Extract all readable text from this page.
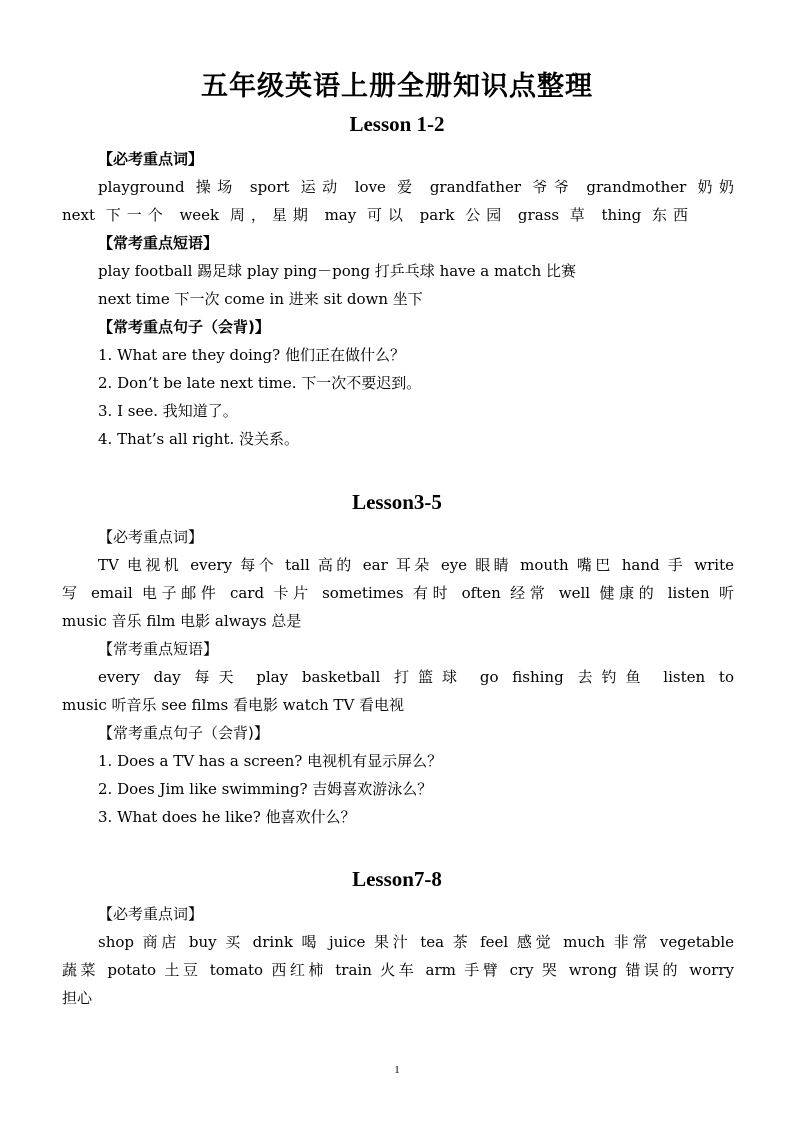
五年级英语上册全册知识点整理
Lesson 1-2
【必考重点词】
playground 操场 sport 运动 love 爱 grandfather 爷爷 grandmother 奶奶
next 下一个 week 周，星期 may 可以 park 公园 grass 草 thing 东西
【常考重点短语】
play football 踢足球 play ping－pong 打乒乓球 have a match 比赛
next time 下一次 come in 进来 sit down 坐下
【常考重点句子（会背)】
1. What are they doing? 他们正在做什么？
2. Don’t be late next time. 下一次不要迟到。
3. I see. 我知道了。
4. That’s all right. 没关系。
Lesson3-5
【必考重点词】
TV 电视机 every 每个 tall 高的 ear 耳朵 eye 眼睛 mouth 嘴巴 hand 手 write
写 email 电子邮件 card 卡片 sometimes 有时 often 经常 well 健康的 listen 听
music 音乐 film 电影 always 总是
【常考重点短语】
every day 每天 play basketball 打篮球 go fishing 去钓鱼 listen to
music 听音乐 see films 看电影 watch TV 看电视
【常考重点句子（会背)】
1. Does a TV has a screen? 电视机有显示屏么？
2. Does Jim like swimming? 吉姆喜欢游泳么？
3. What does he like? 他喜欢什么？
Lesson7-8
【必考重点词】
shop 商店 buy 买 drink 喝 juice 果汁 tea 茶 feel 感觉 much 非常 vegetable
蔬菜 potato 土豆 tomato 西红柿 train 火车 arm 手臂 cry 哭 wrong 错误的 worry
担心
1
